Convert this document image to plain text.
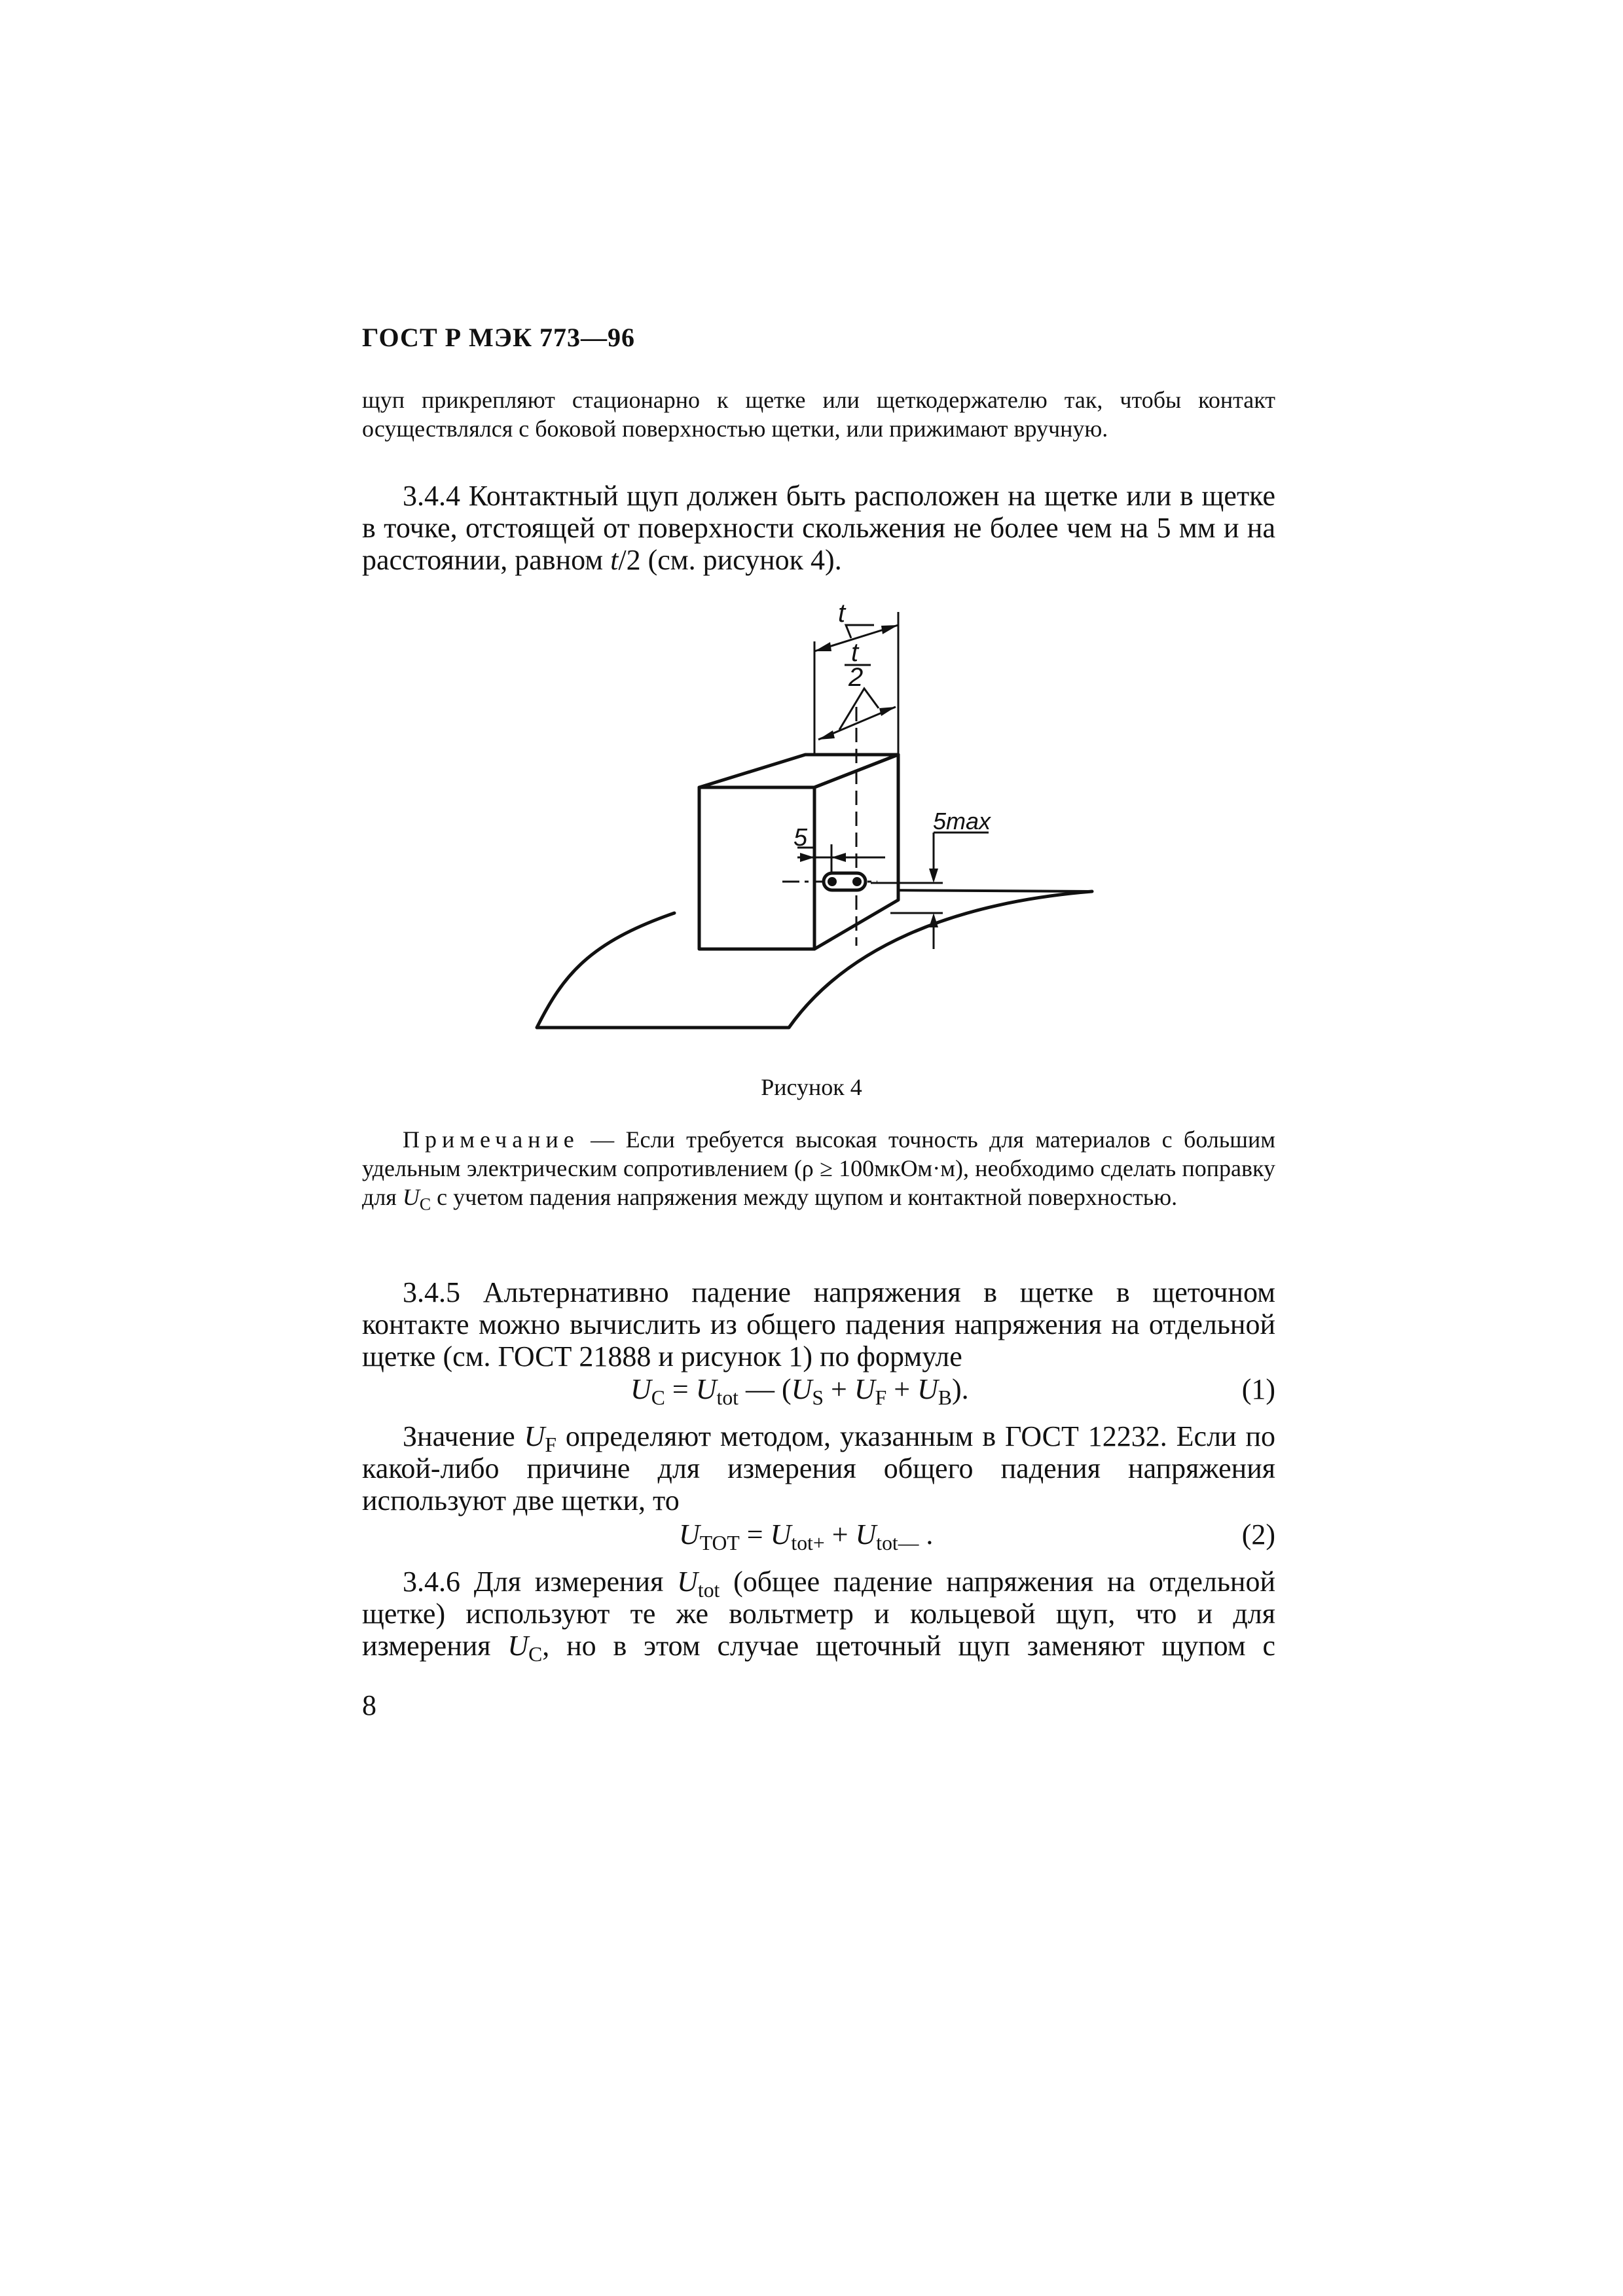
ГОСТ Р МЭК 773—96

щуп прикрепляют стационарно к щетке или щеткодержателю так, чтобы контакт осуществлялся с боковой поверхностью щетки, или прижимают вручную.

3.4.4 Контактный щуп должен быть расположен на щетке или в щетке в точке, отстоящей от поверхности скольжения не более чем на 5 мм и на расстоянии, равном t/2 (см. рисунок 4).

t
t
2
5
5max
Рисунок 4

Примечание — Если требуется высокая точность для материалов с большим удельным электрическим сопротивлением (ρ ≥ 100мкОм·м), необходимо сделать поправку для $U_C$ с учетом падения напряжения между щупом и контактной поверхностью.

3.4.5 Альтернативно падение напряжения в щетке в щеточном контакте можно вычислить из общего падения напряжения на отдельной щетке (см. ГОСТ 21888 и рисунок 1) по формуле

$U_C = U_{tot}$ — $(U_S + U_F + U_B)$.	(1)

Значение $U_F$ определяют методом, указанным в ГОСТ 12232. Если по какой-либо причине для измерения общего падения напряжения используют две щетки, то

$U_{TOT} = U_{tot+} + U_{tot—}$ .	(2)

3.4.6 Для измерения $U_{tot}$ (общее падение напряжения на отдельной щетке) используют те же вольтметр и кольцевой щуп, что и для измерения $U_C$, но в этом случае щеточный щуп заменяют щупом с

8
